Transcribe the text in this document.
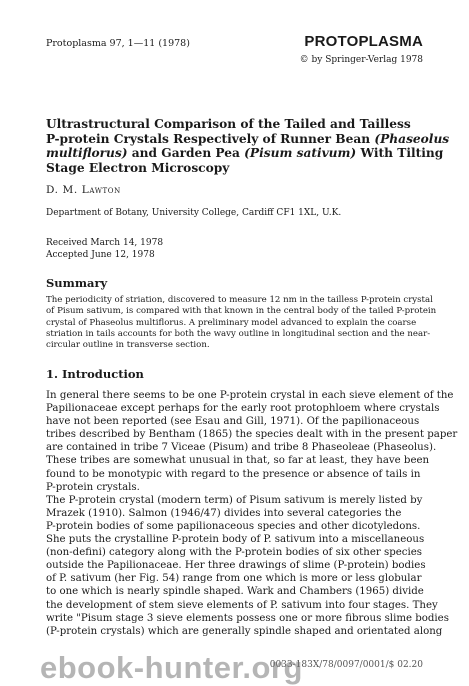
Protoplasma 97, 1—11 (1978)	PROTOPLASMA
© by Springer-Verlag 1978
Ultrastructural Comparison of the Tailed and Tailless
P-protein Crystals Respectively of Runner Bean (Phaseolus
multiflorus) and Garden Pea (Pisum sativum) With Tilting
Stage Electron Microscopy
D. M. Lawton
Department of Botany, University College, Cardiff CF1 1XL, U.K.
Received March 14, 1978
Accepted June 12, 1978
Summary
The periodicity of striation, discovered to measure 12 nm in the tailless P-protein crystal
of Pisum sativum, is compared with that known in the central body of the tailed P-protein
crystal of Phaseolus multiflorus. A preliminary model advanced to explain the coarse
striation in tails accounts for both the wavy outline in longitudinal section and the near-
circular outline in transverse section.
1. Introduction
In general there seems to be one P-protein crystal in each sieve element of the
Papilionaceae except perhaps for the early root protophloem where crystals
have not been reported (see Esau and Gill, 1971). Of the papilionaceous
tribes described by Bentham (1865) the species dealt with in the present paper
are contained in tribe 7 Viceae (Pisum) and tribe 8 Phaseoleae (Phaseolus).
These tribes are somewhat unusual in that, so far at least, they have been
found to be monotypic with regard to the presence or absence of tails in
P-protein crystals.
The P-protein crystal (modern term) of Pisum sativum is merely listed by
Mrazek (1910). Salmon (1946/47) divides into several categories the
P-protein bodies of some papilionaceous species and other dicotyledons.
She puts the crystalline P-protein body of P. sativum into a miscellaneous
(non-defini) category along with the P-protein bodies of six other species
outside the Papilionaceae. Her three drawings of slime (P-protein) bodies
of P. sativum (her Fig. 54) range from one which is more or less globular
to one which is nearly spindle shaped. Wark and Chambers (1965) divide
the development of stem sieve elements of P. sativum into four stages. They
write "Pisum stage 3 sieve elements possess one or more fibrous slime bodies
(P-protein crystals) which are generally spindle shaped and orientated along
0033-183X/78/0097/0001/$ 02.20
ebook-hunter.org
